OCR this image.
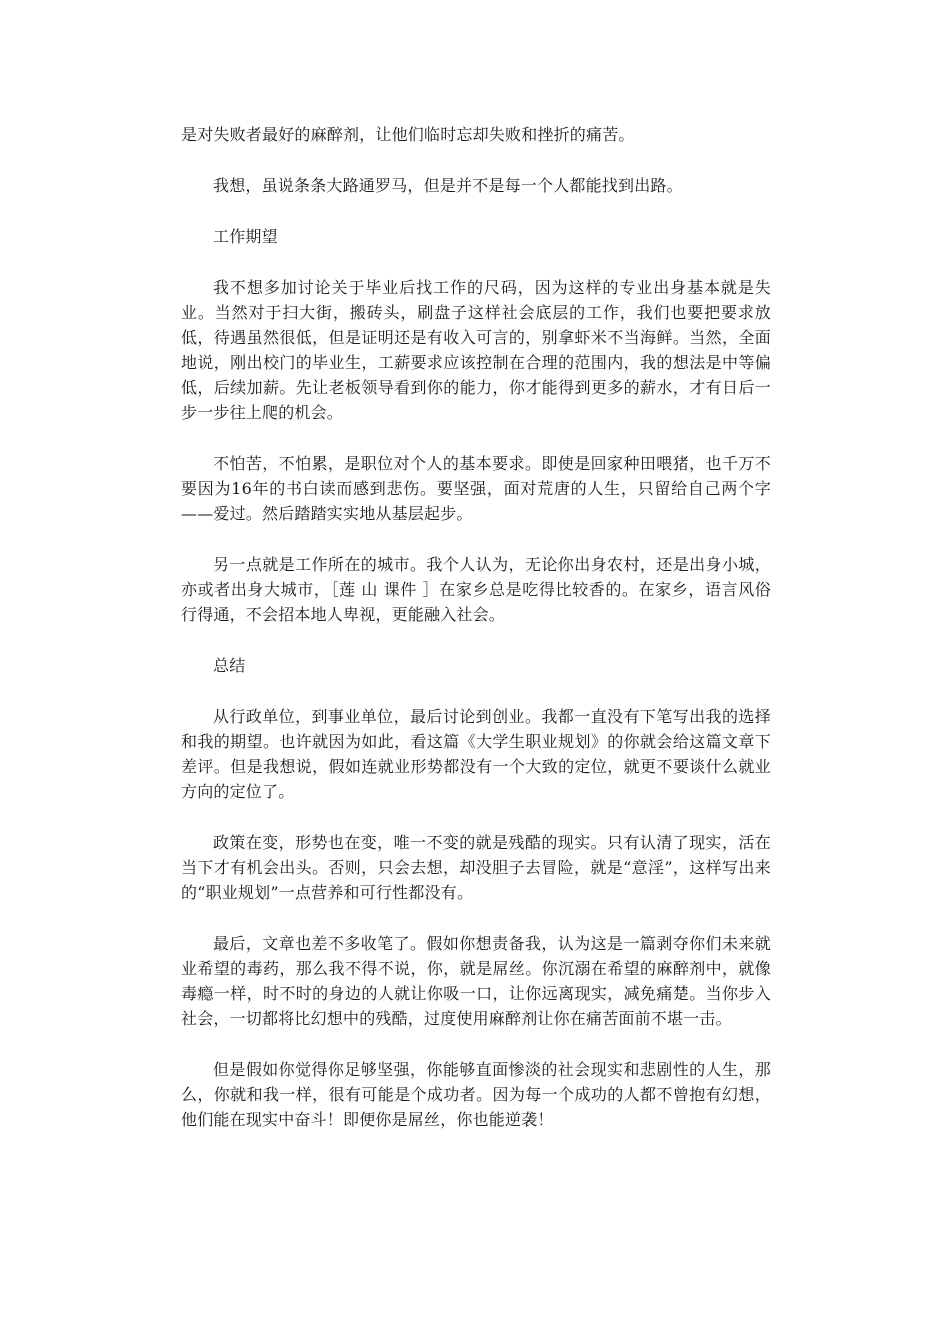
是对失败者最好的麻醉剂，让他们临时忘却失败和挫折的痛苦。

我想，虽说条条大路通罗马，但是并不是每一个人都能找到出路。

工作期望

我不想多加讨论关于毕业后找工作的尺码，因为这样的专业出身基本就是失业。当然对于扫大街，搬砖头，刷盘子这样社会底层的工作，我们也要把要求放低，待遇虽然很低，但是证明还是有收入可言的，别拿虾米不当海鲜。当然，全面地说，刚出校门的毕业生，工薪要求应该控制在合理的范围内，我的想法是中等偏低，后续加薪。先让老板领导看到你的能力，你才能得到更多的薪水，才有日后一步一步往上爬的机会。

不怕苦，不怕累，是职位对个人的基本要求。即使是回家种田喂猪，也千万不要因为16年的书白读而感到悲伤。要坚强，面对荒唐的人生，只留给自己两个字——爱过。然后踏踏实实地从基层起步。

另一点就是工作所在的城市。我个人认为，无论你出身农村，还是出身小城，亦或者出身大城市，［莲 山 课件 ］在家乡总是吃得比较香的。在家乡，语言风俗行得通，不会招本地人卑视，更能融入社会。

总结

从行政单位，到事业单位，最后讨论到创业。我都一直没有下笔写出我的选择和我的期望。也许就因为如此，看这篇《大学生职业规划》的你就会给这篇文章下差评。但是我想说，假如连就业形势都没有一个大致的定位，就更不要谈什么就业方向的定位了。

政策在变，形势也在变，唯一不变的就是残酷的现实。只有认清了现实，活在当下才有机会出头。否则，只会去想，却没胆子去冒险，就是“意淫”，这样写出来的“职业规划”一点营养和可行性都没有。

最后，文章也差不多收笔了。假如你想责备我，认为这是一篇剥夺你们未来就业希望的毒药，那么我不得不说，你，就是屌丝。你沉溺在希望的麻醉剂中，就像毒瘾一样，时不时的身边的人就让你吸一口，让你远离现实，减免痛楚。当你步入社会，一切都将比幻想中的残酷，过度使用麻醉剂让你在痛苦面前不堪一击。

但是假如你觉得你足够坚强，你能够直面惨淡的社会现实和悲剧性的人生，那么，你就和我一样，很有可能是个成功者。因为每一个成功的人都不曾抱有幻想，他们能在现实中奋斗！即便你是屌丝，你也能逆袭！
